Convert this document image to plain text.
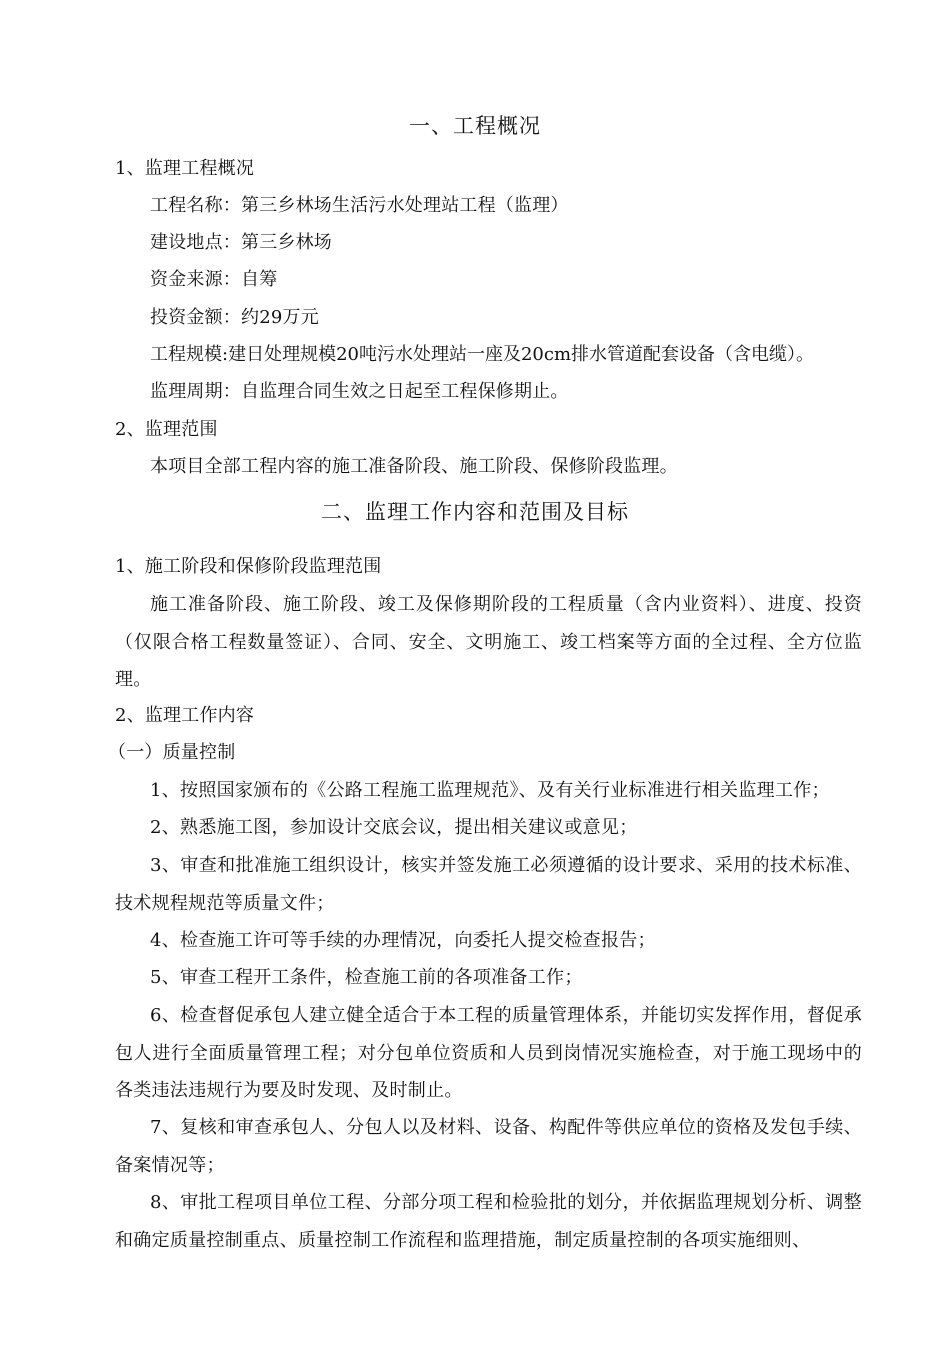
一、工程概况
1、监理工程概况
工程名称：第三乡林场生活污水处理站工程（监理）
建设地点：第三乡林场
资金来源：自筹
投资金额：约29万元
工程规模:建日处理规模20吨污水处理站一座及20cm排水管道配套设备（含电缆）。
监理周期：自监理合同生效之日起至工程保修期止。
2、监理范围
本项目全部工程内容的施工准备阶段、施工阶段、保修阶段监理。
二、监理工作内容和范围及目标
1、施工阶段和保修阶段监理范围
施工准备阶段、施工阶段、竣工及保修期阶段的工程质量（含内业资料）、进度、投资（仅限合格工程数量签证）、合同、安全、文明施工、竣工档案等方面的全过程、全方位监理。
2、监理工作内容
（一）质量控制
1、按照国家颁布的《公路工程施工监理规范》、及有关行业标准进行相关监理工作；
2、熟悉施工图，参加设计交底会议，提出相关建议或意见；
3、审查和批准施工组织设计，核实并签发施工必须遵循的设计要求、采用的技术标准、技术规程规范等质量文件；
4、检查施工许可等手续的办理情况，向委托人提交检查报告；
5、审查工程开工条件，检查施工前的各项准备工作；
6、检查督促承包人建立健全适合于本工程的质量管理体系，并能切实发挥作用，督促承包人进行全面质量管理工程；对分包单位资质和人员到岗情况实施检查，对于施工现场中的各类违法违规行为要及时发现、及时制止。
7、复核和审查承包人、分包人以及材料、设备、构配件等供应单位的资格及发包手续、备案情况等；
8、审批工程项目单位工程、分部分项工程和检验批的划分，并依据监理规划分析、调整和确定质量控制重点、质量控制工作流程和监理措施，制定质量控制的各项实施细则、
